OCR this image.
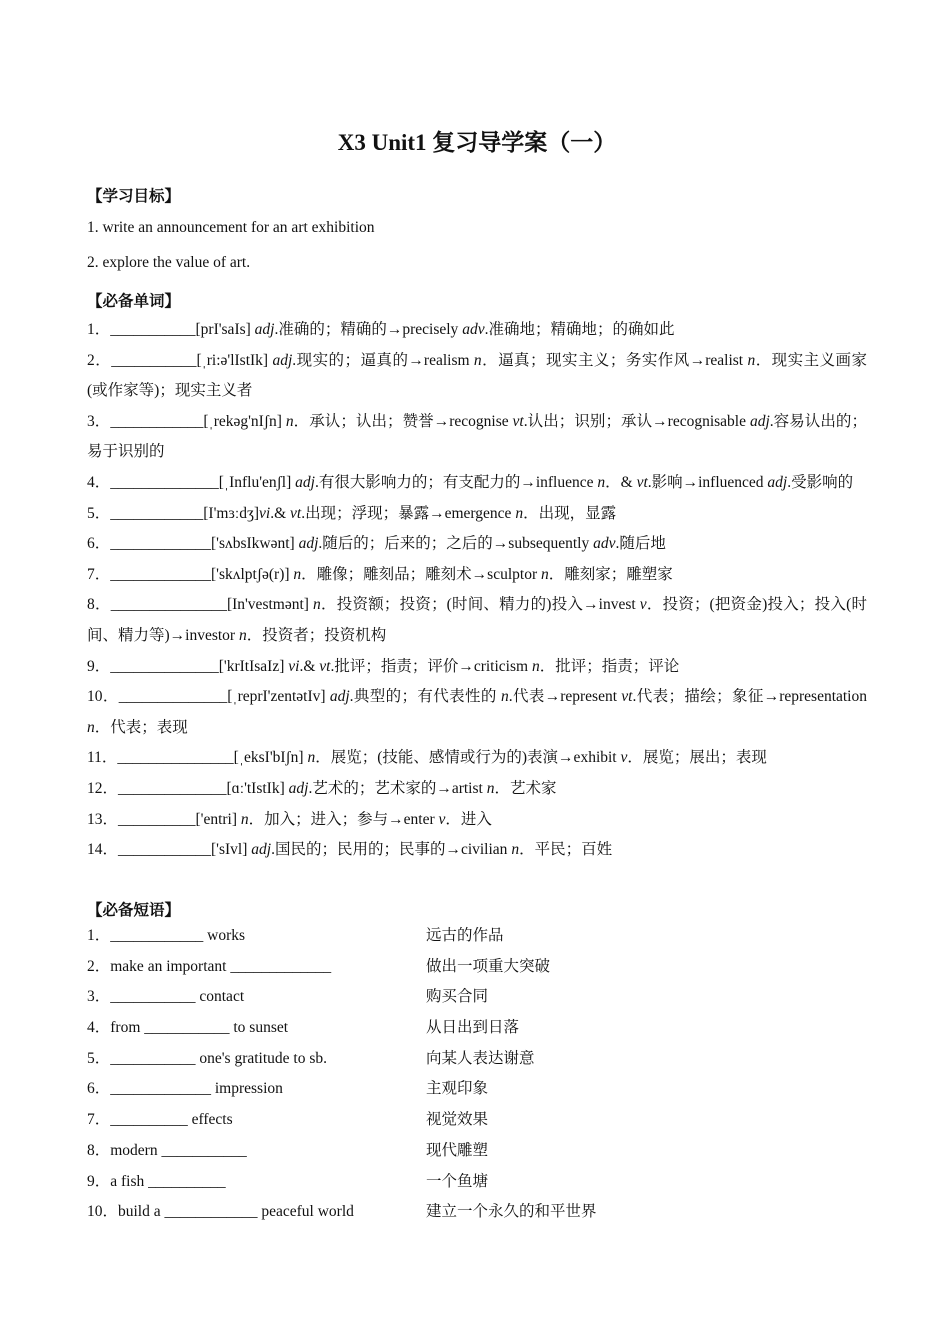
X3 Unit1 复习导学案（一）
【学习目标】
1. write an announcement for an art exhibition
2. explore the value of art.
【必备单词】
1．___________[prI'saIs] adj.准确的；精确的→precisely adv.准确地；精确地；的确如此
2．___________[ˌri:ə'lIstIk] adj.现实的；逼真的→realism n．逼真；现实主义；务实作风→realist n．现实主义画家(或作家等)；现实主义者
3．____________[ˌrekəg'nIʃn] n．承认；认出；赞誉→recognise vt.认出；识别；承认→recognisable adj.容易认出的；易于识别的
4．______________[ˌInflu'enʃl] adj.有很大影响力的；有支配力的→influence n．& vt.影响→influenced adj.受影响的
5．____________[I'mɜːdʒ]vi.& vt.出现；浮现；暴露→emergence n．出现，显露
6．_____________['sʌbsIkwənt] adj.随后的；后来的；之后的→subsequently adv.随后地
7．_____________['skʌlptʃə(r)] n．雕像；雕刻品；雕刻术→sculptor n．雕刻家；雕塑家
8．_______________[In'vestmənt] n．投资额；投资；(时间、精力的)投入→invest v．投资；(把资金)投入；投入(时间、精力等)→investor n．投资者；投资机构
9．______________['krItIsaIz] vi.& vt.批评；指责；评价→criticism n．批评；指责；评论
10．______________[ˌreprI'zentətIv] adj.典型的；有代表性的 n.代表→represent vt.代表；描绘；象征→representation n．代表；表现
11．_______________[ˌeksI'bIʃn] n．展览；(技能、感情或行为的)表演→exhibit v．展览；展出；表现
12．______________[ɑː'tIstIk] adj.艺术的；艺术家的→artist n．艺术家
13．__________['entri] n．加入；进入；参与→enter v．进入
14．____________['sIvl] adj.国民的；民用的；民事的→civilian n．平民；百姓
【必备短语】
1．____________ works	远古的作品
2．make an important _____________	做出一项重大突破
3．___________ contact	购买合同
4．from ___________ to sunset	从日出到日落
5．___________ one's gratitude to sb.	向某人表达谢意
6．_____________ impression	主观印象
7．__________ effects	视觉效果
8．modern ___________	现代雕塑
9．a fish __________	一个鱼塘
10．build a ____________ peaceful world	建立一个永久的和平世界
